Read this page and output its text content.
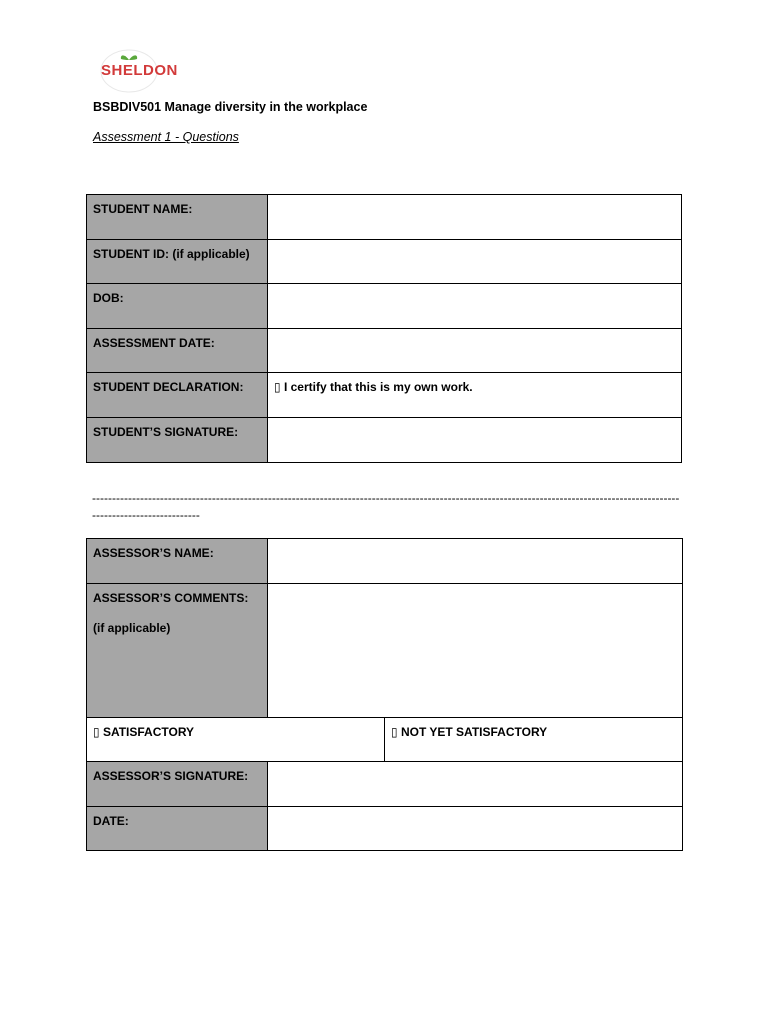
SHELDON
BSBDIV501 Manage diversity in the workplace
Assessment 1 - Questions
STUDENT NAME:	
STUDENT ID: (if applicable)	
DOB:	
ASSESSMENT DATE:	
STUDENT DECLARATION:	▯ I certify that this is my own work.
STUDENT’S SIGNATURE:	
------------------------------------------------------------------------------------------------------------------------------------------------------------------------------
ASSESSOR’S NAME:		

ASSESSOR’S COMMENTS:

(if applicable)		

▯ SATISFACTORY		▯ NOT YET SATISFACTORY
ASSESSOR’S SIGNATURE:		
DATE:		
